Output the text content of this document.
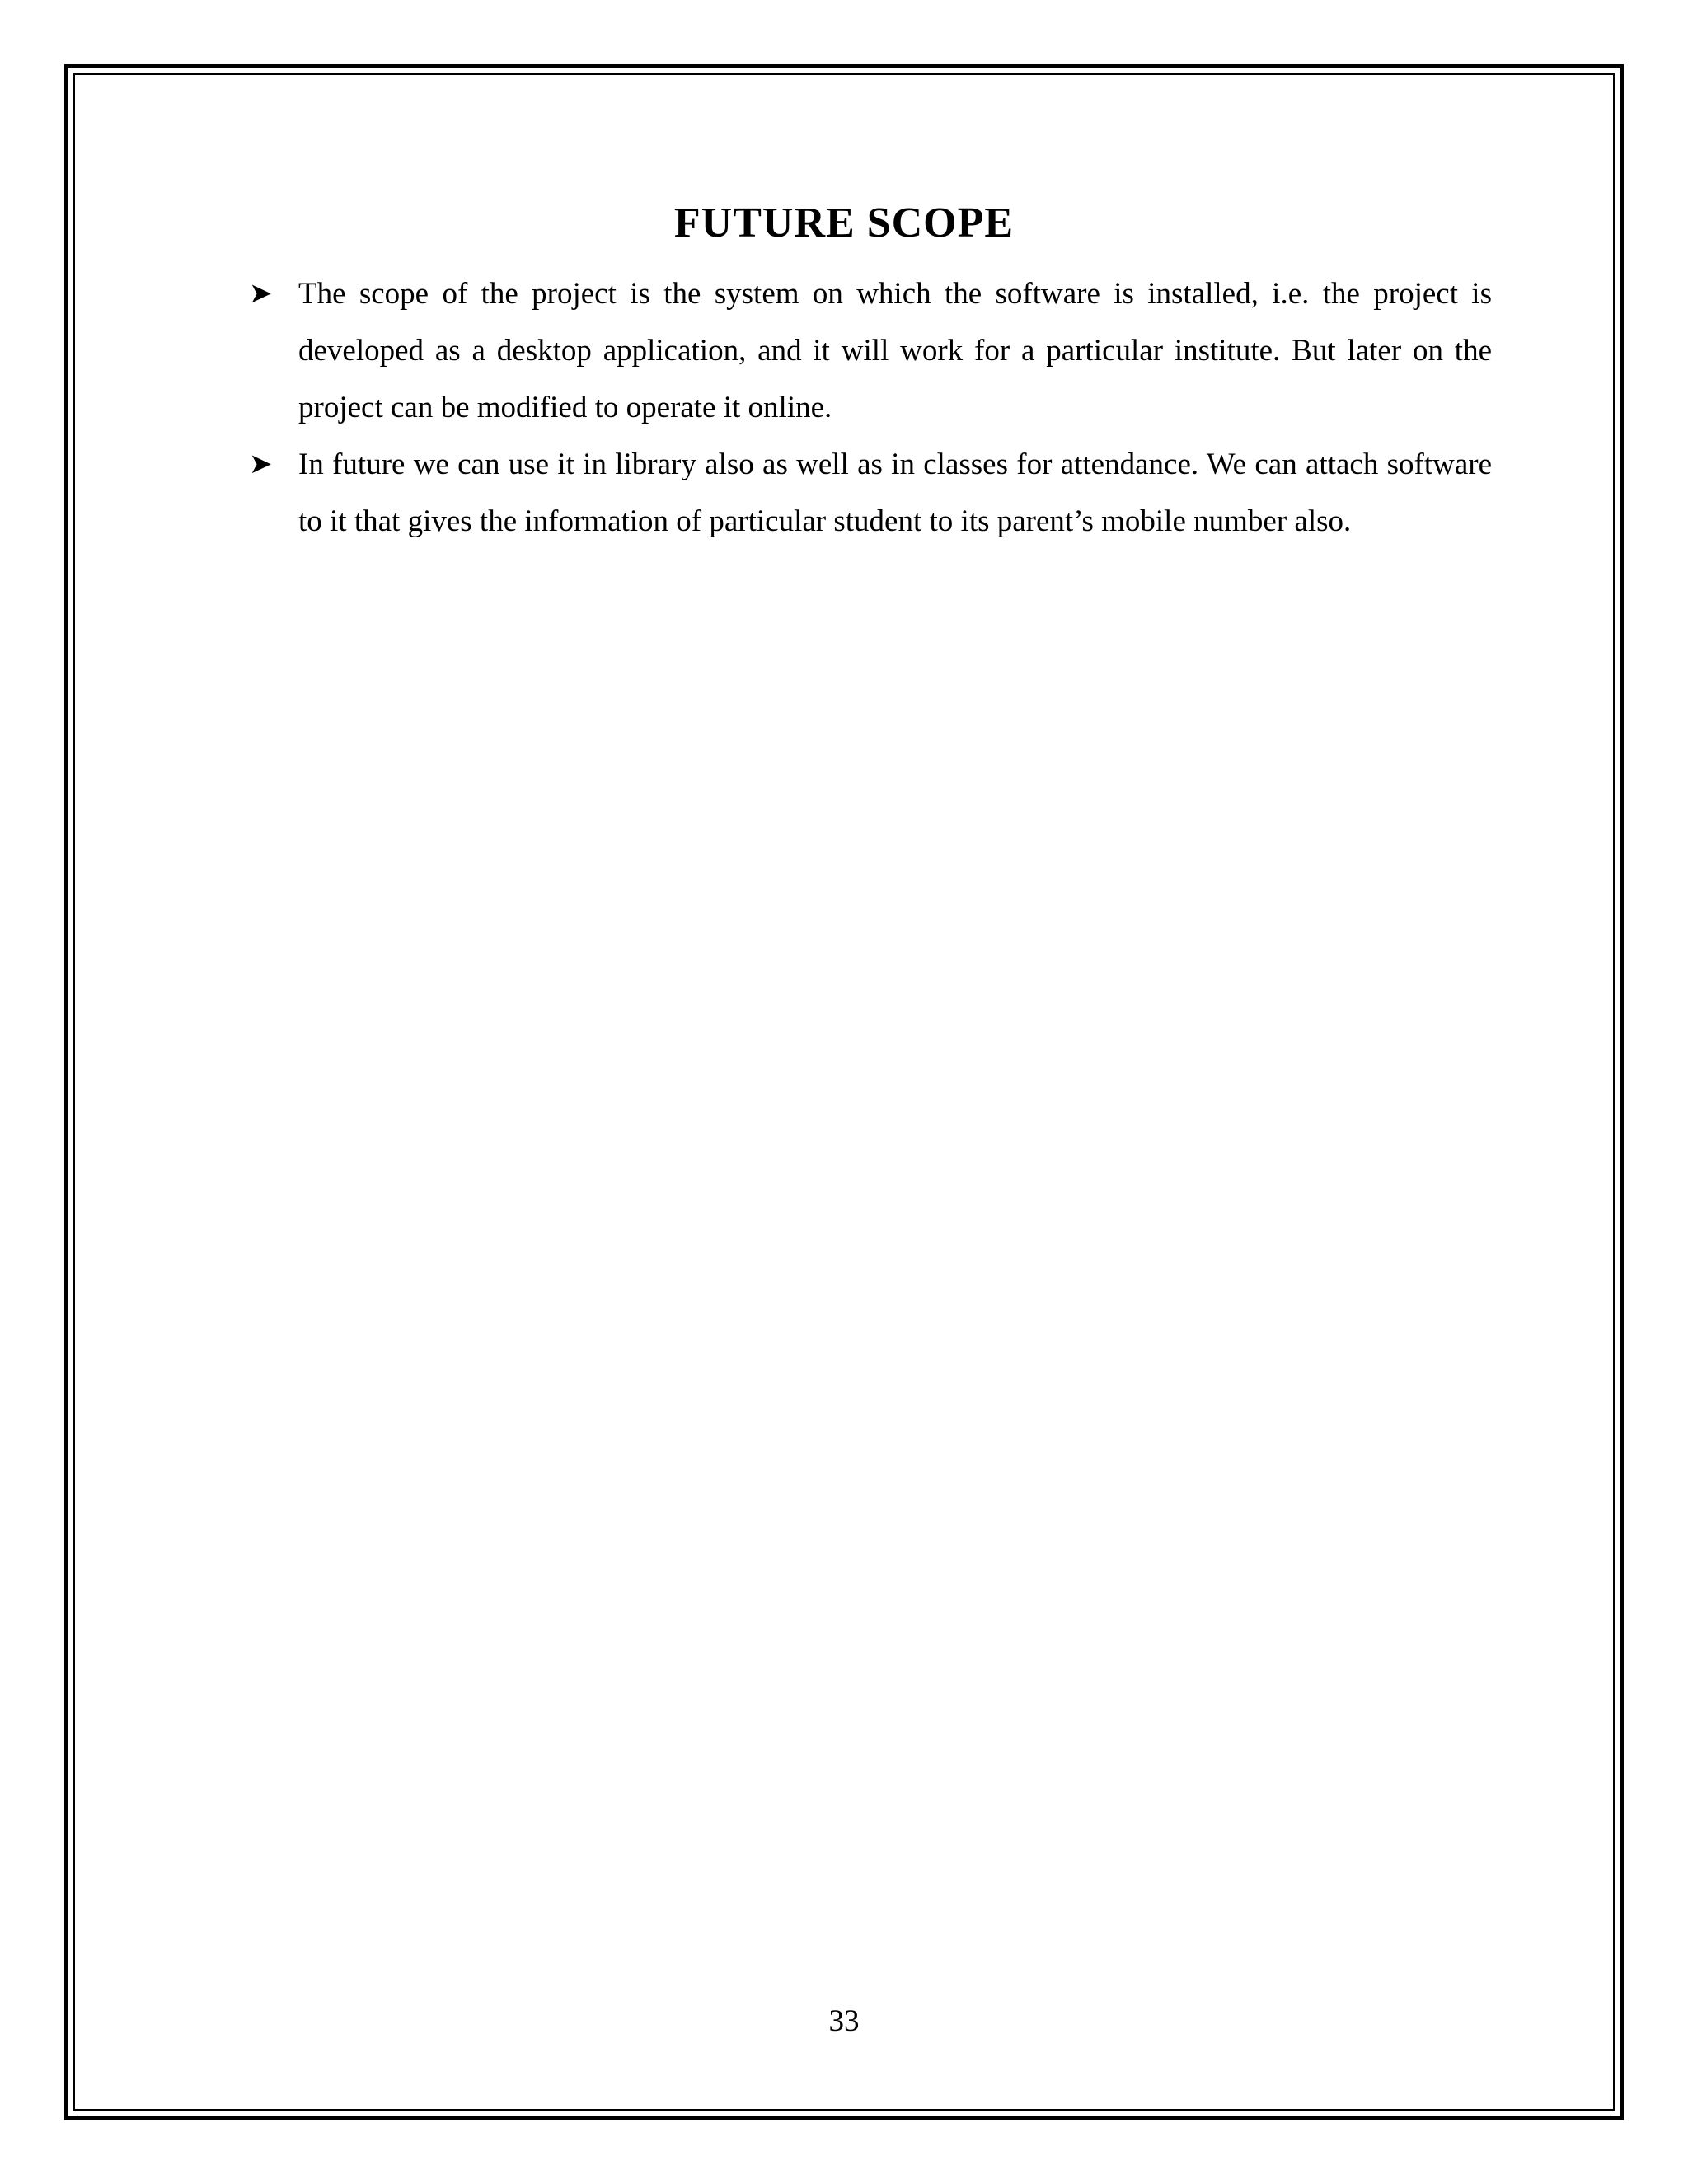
FUTURE SCOPE
➤ The scope of the project is the system on which the software is installed, i.e. the project is developed as a desktop application, and it will work for a particular institute. But later on the project can be modified to operate it online.
➤ In future we can use it in library also as well as in classes for attendance. We can attach software to it that gives the information of particular student to its parent’s mobile number also.
33
